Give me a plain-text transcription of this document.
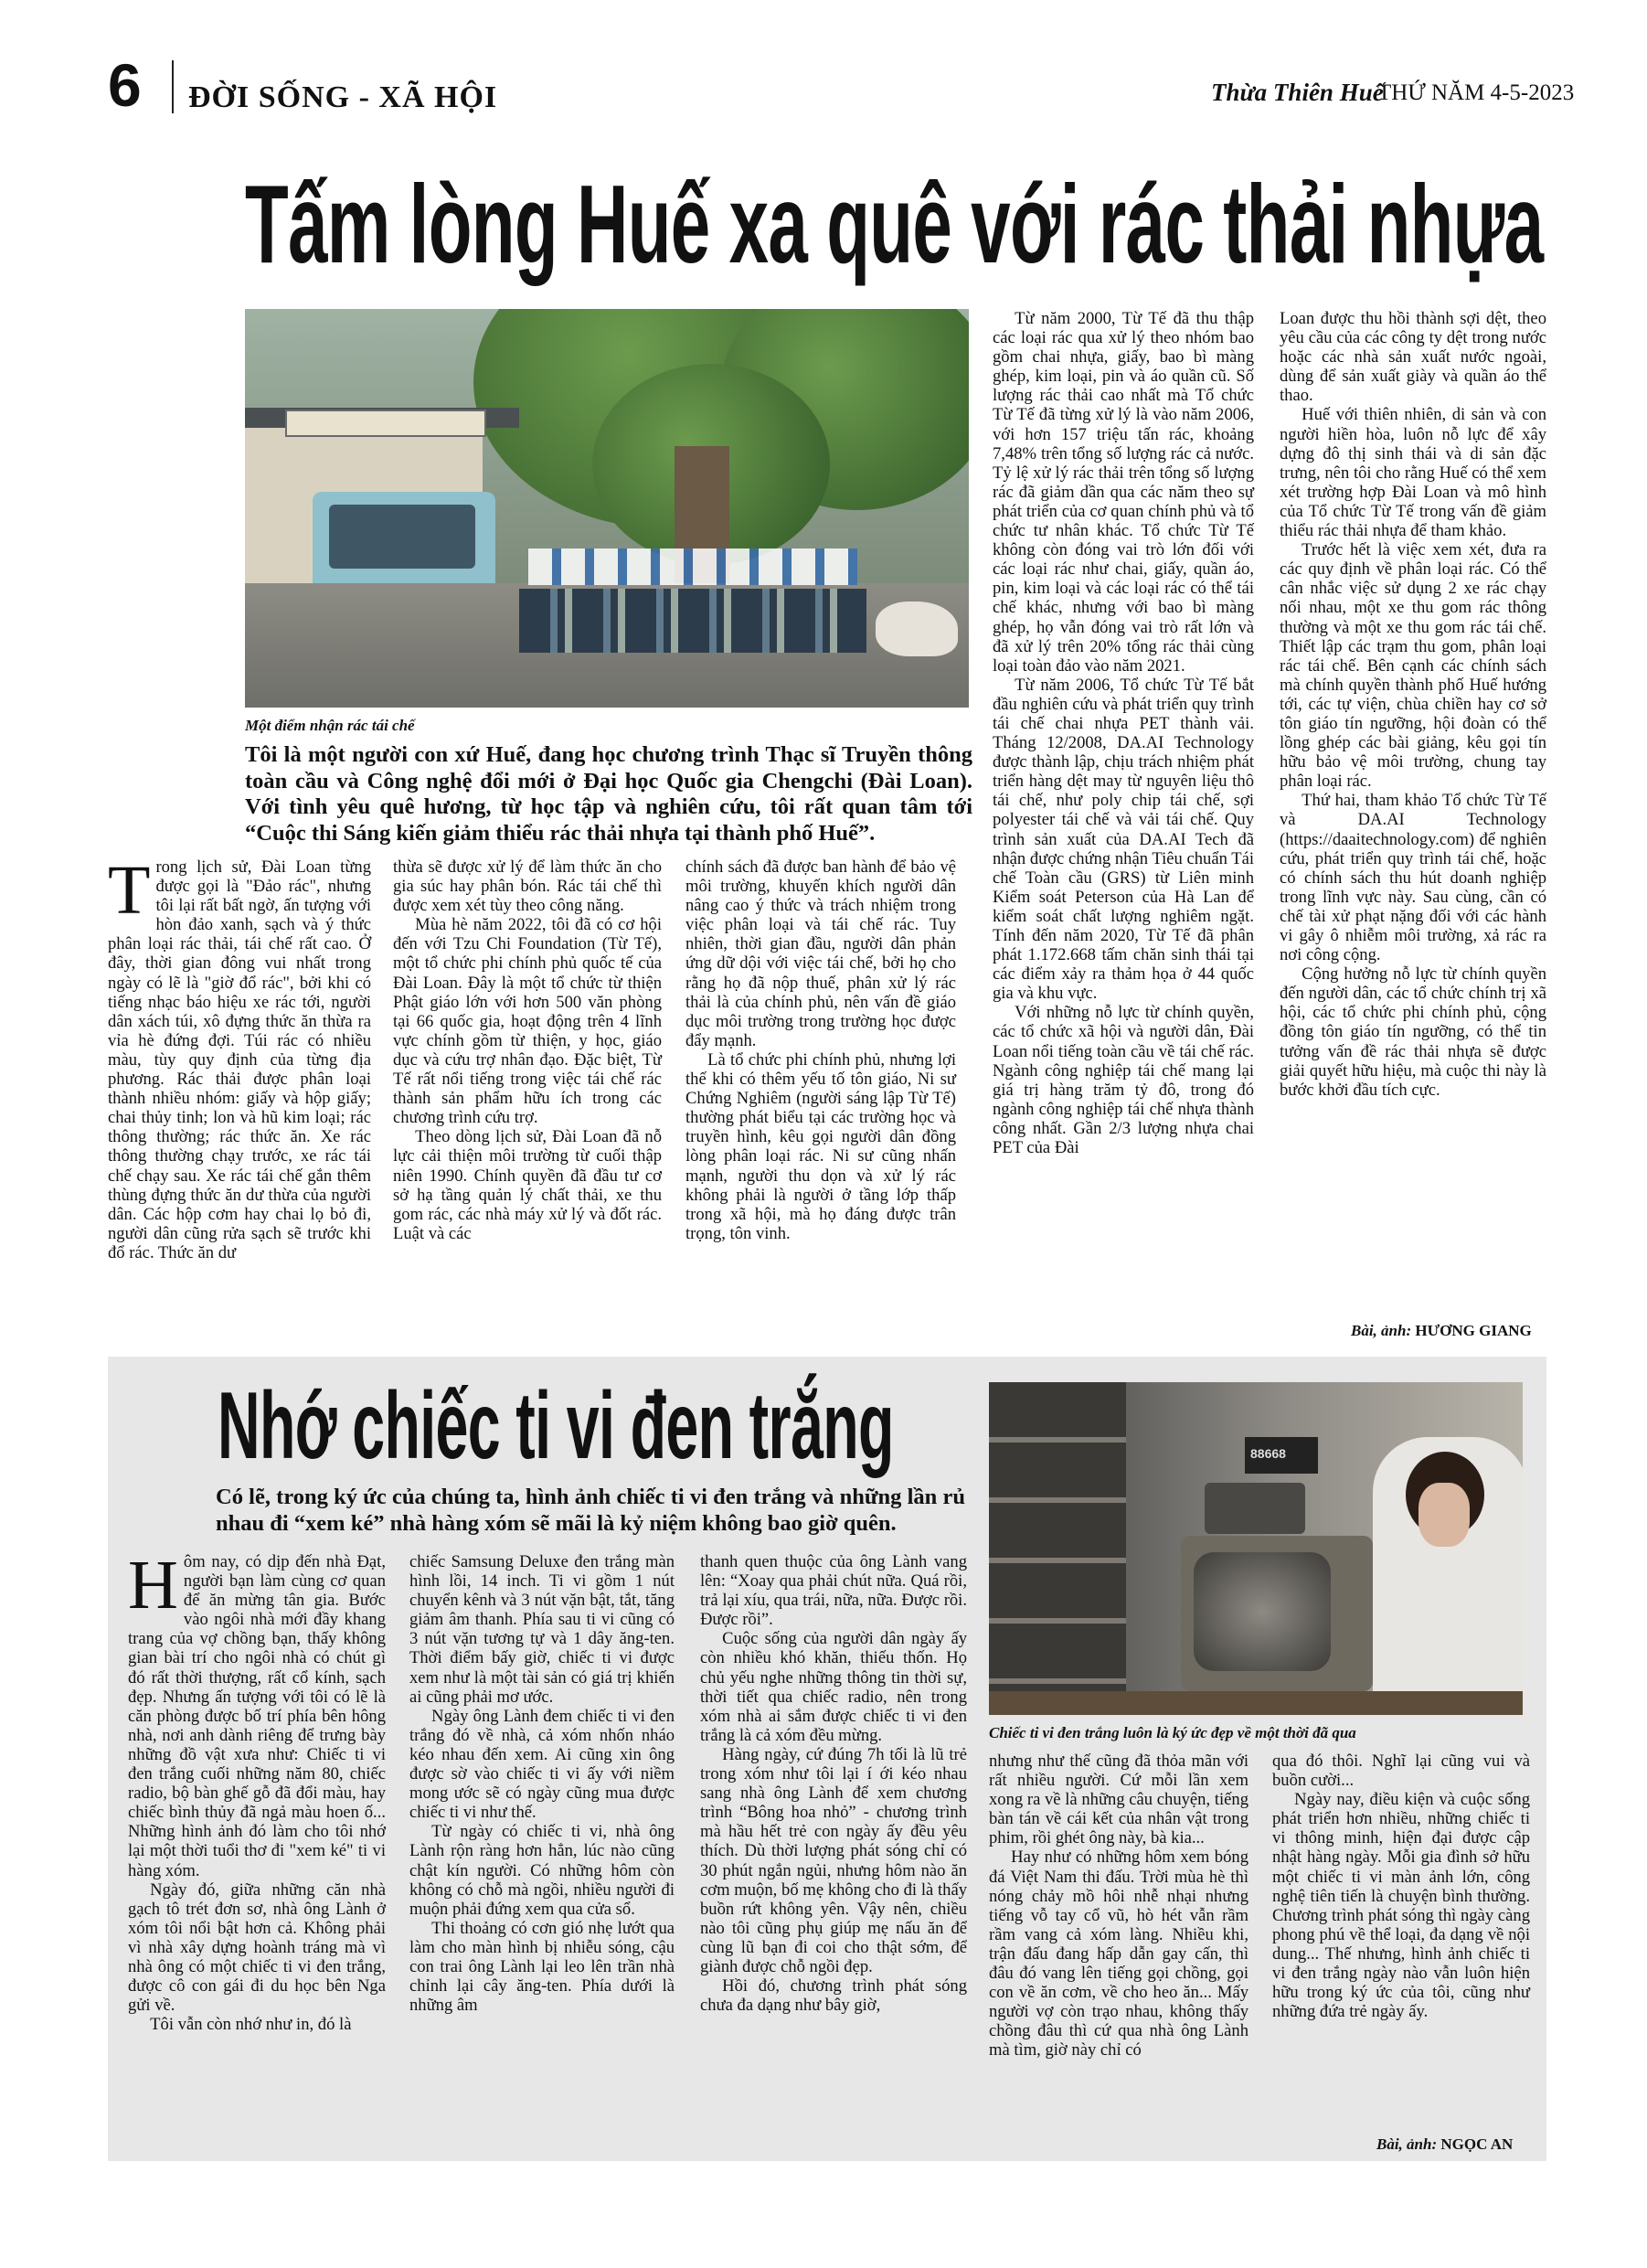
6 ĐỜI SỐNG - XÃ HỘI	Thừa Thiên Huế
THỨ NĂM 4-5-2023
Tấm lòng Huế xa quê với rác thải nhựa
Một điểm nhận rác tái chế
Tôi là một người con xứ Huế, đang học chương trình Thạc sĩ Truyền thông toàn cầu và Công nghệ đổi mới ở Đại học Quốc gia Chengchi (Đài Loan). Với tình yêu quê hương, từ học tập và nghiên cứu, tôi rất quan tâm tới “Cuộc thi Sáng kiến giảm thiểu rác thải nhựa tại thành phố Huế”.

Trong lịch sử, Đài Loan từng được gọi là "Đảo rác", nhưng tôi lại rất bất ngờ, ấn tượng với hòn đảo xanh, sạch và ý thức phân loại rác thải, tái chế rất cao. Ở đây, thời gian đông vui nhất trong ngày có lẽ là "giờ đổ rác", bởi khi có tiếng nhạc báo hiệu xe rác tới, người dân xách túi, xô đựng thức ăn thừa ra vỉa hè đứng đợi. Túi rác có nhiều màu, tùy quy định của từng địa phương. Rác thải được phân loại thành nhiều nhóm: giấy và hộp giấy; chai thủy tinh; lon và hũ kim loại; rác thông thường; rác thức ăn. Xe rác thông thường chạy trước, xe rác tái chế chạy sau. Xe rác tái chế gắn thêm thùng đựng thức ăn dư thừa của người dân. Các hộp cơm hay chai lọ bỏ đi, người dân cũng rửa sạch sẽ trước khi đổ rác. Thức ăn dư

thừa sẽ được xử lý để làm thức ăn cho gia súc hay phân bón. Rác tái chế thì được xem xét tùy theo công năng.

Mùa hè năm 2022, tôi đã có cơ hội đến với Tzu Chi Foundation (Từ Tế), một tổ chức phi chính phủ quốc tế của Đài Loan. Đây là một tổ chức từ thiện Phật giáo lớn với hơn 500 văn phòng tại 66 quốc gia, hoạt động trên 4 lĩnh vực chính gồm từ thiện, y học, giáo dục và cứu trợ nhân đạo. Đặc biệt, Từ Tế rất nổi tiếng trong việc tái chế rác thành sản phẩm hữu ích trong các chương trình cứu trợ.

Theo dòng lịch sử, Đài Loan đã nỗ lực cải thiện môi trường từ cuối thập niên 1990. Chính quyền đã đầu tư cơ sở hạ tầng quản lý chất thải, xe thu gom rác, các nhà máy xử lý và đốt rác. Luật và các

chính sách đã được ban hành để bảo vệ môi trường, khuyến khích người dân nâng cao ý thức và trách nhiệm trong việc phân loại và tái chế rác. Tuy nhiên, thời gian đầu, người dân phản ứng dữ dội với việc tái chế, bởi họ cho rằng họ đã nộp thuế, phân xử lý rác thải là của chính phủ, nên vấn đề giáo dục môi trường trong trường học được đẩy mạnh.

Là tổ chức phi chính phủ, nhưng lợi thế khi có thêm yếu tố tôn giáo, Ni sư Chứng Nghiêm (người sáng lập Từ Tế) thường phát biểu tại các trường học và truyền hình, kêu gọi người dân đồng lòng phân loại rác. Ni sư cũng nhấn mạnh, người thu dọn và xử lý rác không phải là người ở tầng lớp thấp trong xã hội, mà họ đáng được trân trọng, tôn vinh.

Từ năm 2000, Từ Tế đã thu thập các loại rác qua xử lý theo nhóm bao gồm chai nhựa, giấy, bao bì màng ghép, kim loại, pin và áo quần cũ. Số lượng rác thải cao nhất mà Tổ chức Từ Tế đã từng xử lý là vào năm 2006, với hơn 157 triệu tấn rác, khoảng 7,48% trên tổng số lượng rác cả nước. Tỷ lệ xử lý rác thải trên tổng số lượng rác đã giảm dần qua các năm theo sự phát triển của cơ quan chính phủ và tổ chức tư nhân khác. Tổ chức Từ Tế không còn đóng vai trò lớn đối với các loại rác như chai, giấy, quần áo, pin, kim loại và các loại rác có thể tái chế khác, nhưng với bao bì màng ghép, họ vẫn đóng vai trò rất lớn và đã xử lý trên 20% tổng rác thải cùng loại toàn đảo vào năm 2021.

Từ năm 2006, Tổ chức Từ Tế bắt đầu nghiên cứu và phát triển quy trình tái chế chai nhựa PET thành vải. Tháng 12/2008, DA.AI Technology được thành lập, chịu trách nhiệm phát triển hàng dệt may từ nguyên liệu thô tái chế, như poly chip tái chế, sợi polyester tái chế và vải tái chế. Quy trình sản xuất của DA.AI Tech đã nhận được chứng nhận Tiêu chuẩn Tái chế Toàn cầu (GRS) từ Liên minh Kiểm soát Peterson của Hà Lan để kiểm soát chất lượng nghiêm ngặt. Tính đến năm 2020, Từ Tế đã phân phát 1.172.668 tấm chăn sinh thái tại các điểm xảy ra thảm họa ở 44 quốc gia và khu vực.

Với những nỗ lực từ chính quyền, các tổ chức xã hội và người dân, Đài Loan nổi tiếng toàn cầu về tái chế rác. Ngành công nghiệp tái chế mang lại giá trị hàng trăm tỷ đô, trong đó ngành công nghiệp tái chế nhựa thành công nhất. Gần 2/3 lượng nhựa chai PET của Đài

Loan được thu hồi thành sợi dệt, theo yêu cầu của các công ty dệt trong nước hoặc các nhà sản xuất nước ngoài, dùng để sản xuất giày và quần áo thể thao.

Huế với thiên nhiên, di sản và con người hiền hòa, luôn nỗ lực để xây dựng đô thị sinh thái và di sản đặc trưng, nên tôi cho rằng Huế có thể xem xét trường hợp Đài Loan và mô hình của Tổ chức Từ Tế trong vấn đề giảm thiểu rác thải nhựa để tham khảo.

Trước hết là việc xem xét, đưa ra các quy định về phân loại rác. Có thể cân nhắc việc sử dụng 2 xe rác chạy nối nhau, một xe thu gom rác thông thường và một xe thu gom rác tái chế. Thiết lập các trạm thu gom, phân loại rác tái chế. Bên cạnh các chính sách mà chính quyền thành phố Huế hướng tới, các tự viện, chùa chiền hay cơ sở tôn giáo tín ngưỡng, hội đoàn có thể lồng ghép các bài giảng, kêu gọi tín hữu bảo vệ môi trường, chung tay phân loại rác.

Thứ hai, tham khảo Tổ chức Từ Tế và DA.AI Technology (https://daaitechnology.com) để nghiên cứu, phát triển quy trình tái chế, hoặc có chính sách thu hút doanh nghiệp trong lĩnh vực này. Sau cùng, cần có chế tài xử phạt nặng đối với các hành vi gây ô nhiễm môi trường, xả rác ra nơi công cộng.

Cộng hưởng nỗ lực từ chính quyền đến người dân, các tổ chức chính trị xã hội, các tổ chức phi chính phủ, cộng đồng tôn giáo tín ngưỡng, có thể tin tưởng vấn đề rác thải nhựa sẽ được giải quyết hữu hiệu, mà cuộc thi này là bước khởi đầu tích cực.

Bài, ảnh: HƯƠNG GIANG
Nhớ chiếc ti vi đen trắng
Có lẽ, trong ký ức của chúng ta, hình ảnh chiếc ti vi đen trắng và những lần rủ nhau đi “xem ké” nhà hàng xóm sẽ mãi là kỷ niệm không bao giờ quên.
88668
Chiếc ti vi đen trắng luôn là ký ức đẹp về một thời đã qua

Hôm nay, có dịp đến nhà Đạt, người bạn làm cùng cơ quan để ăn mừng tân gia. Bước vào ngôi nhà mới đầy khang trang của vợ chồng bạn, thấy không gian bài trí cho ngôi nhà có chút gì đó rất thời thượng, rất cổ kính, sạch đẹp. Nhưng ấn tượng với tôi có lẽ là căn phòng được bố trí phía bên hông nhà, nơi anh dành riêng để trưng bày những đồ vật xưa như: Chiếc ti vi đen trắng cuối những năm 80, chiếc radio, bộ bàn ghế gỗ đã đổi màu, hay chiếc bình thủy đã ngả màu hoen ố... Những hình ảnh đó làm cho tôi nhớ lại một thời tuổi thơ đi "xem ké" ti vi hàng xóm.

Ngày đó, giữa những căn nhà gạch tô trét đơn sơ, nhà ông Lành ở xóm tôi nổi bật hơn cả. Không phải vì nhà xây dựng hoành tráng mà vì nhà ông có một chiếc ti vi đen trắng, được cô con gái đi du học bên Nga gửi về.

Tôi vẫn còn nhớ như in, đó là

chiếc Samsung Deluxe đen trắng màn hình lồi, 14 inch. Ti vi gồm 1 nút chuyển kênh và 3 nút vặn bật, tắt, tăng giảm âm thanh. Phía sau ti vi cũng có 3 nút vặn tương tự và 1 dây ăng-ten. Thời điểm bấy giờ, chiếc ti vi được xem như là một tài sản có giá trị khiến ai cũng phải mơ ước.

Ngày ông Lành đem chiếc ti vi đen trắng đó về nhà, cả xóm nhốn nháo kéo nhau đến xem. Ai cũng xin ông được sờ vào chiếc ti vi ấy với niềm mong ước sẽ có ngày cũng mua được chiếc ti vi như thế.

Từ ngày có chiếc ti vi, nhà ông Lành rộn ràng hơn hẳn, lúc nào cũng chật kín người. Có những hôm còn không có chỗ mà ngồi, nhiều người đi muộn phải đứng xem qua cửa sổ.

Thi thoảng có cơn gió nhẹ lướt qua làm cho màn hình bị nhiễu sóng, cậu con trai ông Lành lại leo lên trần nhà chỉnh lại cây ăng-ten. Phía dưới là những âm

thanh quen thuộc của ông Lành vang lên: “Xoay qua phải chút nữa. Quá rồi, trả lại xíu, qua trái, nữa, nữa. Được rồi. Được rồi”.

Cuộc sống của người dân ngày ấy còn nhiều khó khăn, thiếu thốn. Họ chủ yếu nghe những thông tin thời sự, thời tiết qua chiếc radio, nên trong xóm nhà ai sắm được chiếc ti vi đen trắng là cả xóm đều mừng.

Hàng ngày, cứ đúng 7h tối là lũ trẻ trong xóm như tôi lại í ới kéo nhau sang nhà ông Lành để xem chương trình “Bông hoa nhỏ” - chương trình mà hầu hết trẻ con ngày ấy đều yêu thích. Dù thời lượng phát sóng chỉ có 30 phút ngắn ngủi, nhưng hôm nào ăn cơm muộn, bố mẹ không cho đi là thấy buồn rứt không yên. Vậy nên, chiều nào tôi cũng phụ giúp mẹ nấu ăn để cùng lũ bạn đi coi cho thật sớm, để giành được chỗ ngồi đẹp.

Hồi đó, chương trình phát sóng chưa đa dạng như bây giờ,

nhưng như thế cũng đã thỏa mãn với rất nhiều người. Cứ mỗi lần xem xong ra về là những câu chuyện, tiếng bàn tán về cái kết của nhân vật trong phim, rồi ghét ông này, bà kia...

Hay như có những hôm xem bóng đá Việt Nam thi đấu. Trời mùa hè thì nóng chảy mồ hôi nhễ nhại nhưng tiếng vỗ tay cổ vũ, hò hét vẫn rầm rầm vang cả xóm làng. Nhiều khi, trận đấu đang hấp dẫn gay cấn, thì đâu đó vang lên tiếng gọi chồng, gọi con về ăn cơm, về cho heo ăn... Mấy người vợ còn trạo nhau, không thấy chồng đâu thì cứ qua nhà ông Lành mà tìm, giờ này chỉ có

qua đó thôi. Nghĩ lại cũng vui và buồn cười...

Ngày nay, điều kiện và cuộc sống phát triển hơn nhiều, những chiếc ti vi thông minh, hiện đại được cập nhật hàng ngày. Mỗi gia đình sở hữu một chiếc ti vi màn ảnh lớn, công nghệ tiên tiến là chuyện bình thường. Chương trình phát sóng thì ngày càng phong phú về thể loại, đa dạng về nội dung... Thế nhưng, hình ảnh chiếc ti vi đen trắng ngày nào vẫn luôn hiện hữu trong ký ức của tôi, cũng như những đứa trẻ ngày ấy.

Bài, ảnh: NGỌC AN
